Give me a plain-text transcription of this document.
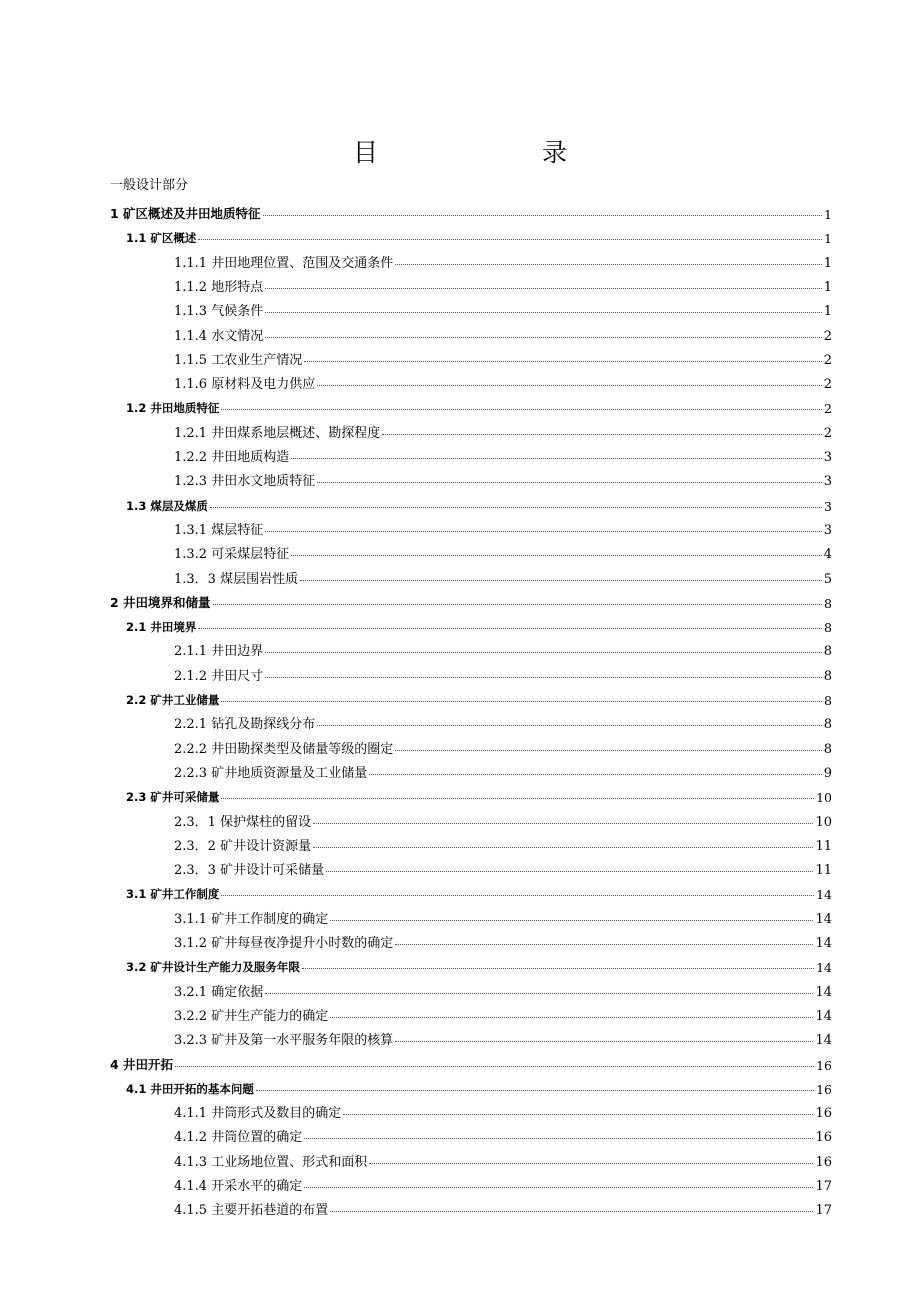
目　　录
一般设计部分
1 矿区概述及井田地质特征	1
1.1 矿区概述	1
1.1.1 井田地理位置、范围及交通条件	1
1.1.2 地形特点	1
1.1.3 气候条件	1
1.1.4 水文情况	2
1.1.5 工农业生产情况	2
1.1.6 原材料及电力供应	2
1.2 井田地质特征	2
1.2.1 井田煤系地层概述、勘探程度	2
1.2.2 井田地质构造	3
1.2.3 井田水文地质特征	3
1.3 煤层及煤质	3
1.3.1 煤层特征	3
1.3.2 可采煤层特征	4
1.3．3 煤层围岩性质	5
2 井田境界和储量	8
2.1 井田境界	8
2.1.1 井田边界	8
2.1.2 井田尺寸	8
2.2 矿井工业储量	8
2.2.1 钻孔及勘探线分布	8
2.2.2 井田勘探类型及储量等级的圈定	8
2.2.3 矿井地质资源量及工业储量	9
2.3 矿井可采储量	10
2.3．1 保护煤柱的留设	10
2.3．2 矿井设计资源量	11
2.3．3 矿井设计可采储量	11
3.1 矿井工作制度	14
3.1.1 矿井工作制度的确定	14
3.1.2 矿井每昼夜净提升小时数的确定	14
3.2 矿井设计生产能力及服务年限	14
3.2.1 确定依据	14
3.2.2 矿井生产能力的确定	14
3.2.3 矿井及第一水平服务年限的核算	14
4 井田开拓	16
4.1 井田开拓的基本问题	16
4.1.1 井筒形式及数目的确定	16
4.1.2 井筒位置的确定	16
4.1.3 工业场地位置、形式和面积	16
4.1.4 开采水平的确定	17
4.1.5 主要开拓巷道的布置	17
